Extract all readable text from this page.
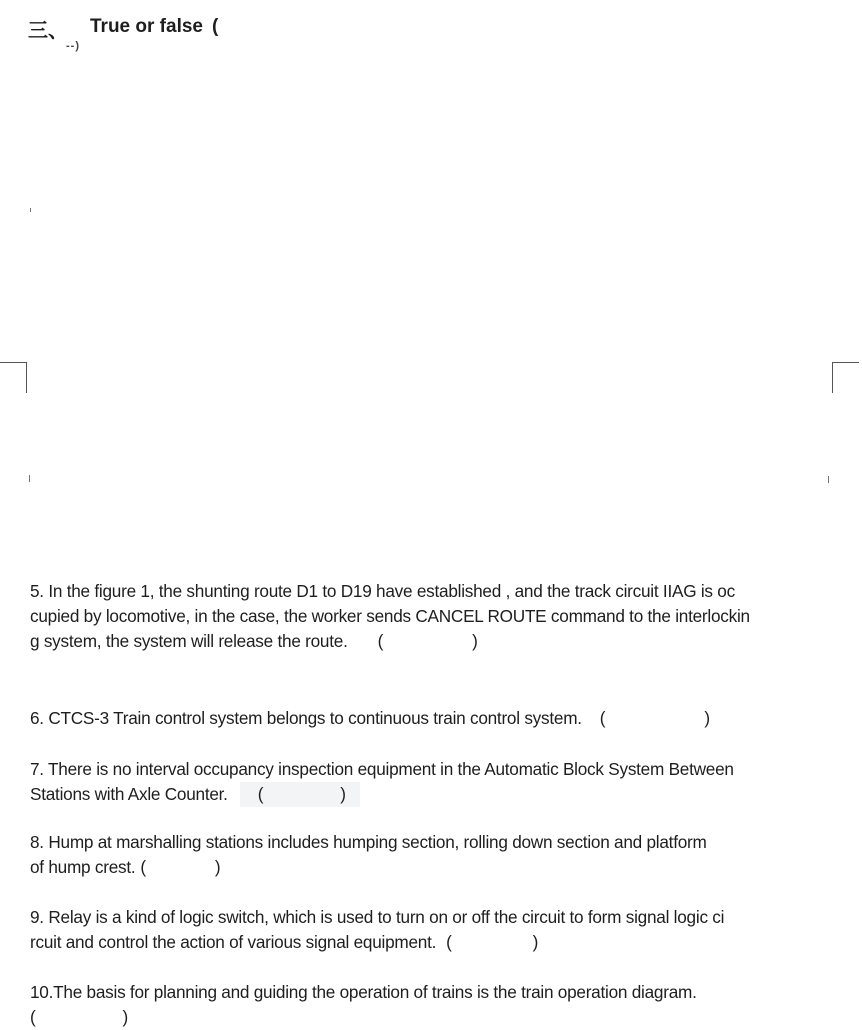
三、 True or false (
--)
5. In the figure 1, the shunting route D1 to D19 have established , and the track circuit IIAG is oc
cupied by locomotive, in the case, the worker sends CANCEL ROUTE command to the interlockin
g system, the system will release the route. (	)
6. CTCS-3 Train control system belongs to continuous train control system. (	)
7. There is no interval occupancy inspection equipment in the Automatic Block System Between
Stations with Axle Counter. (	)
8. Hump at marshalling stations includes humping section, rolling down section and platform
of hump crest. (	)
9. Relay is a kind of logic switch, which is used to turn on or off the circuit to form signal logic ci
rcuit and control the action of various signal equipment. (	)
10.The basis for planning and guiding the operation of trains is the train operation diagram.
(	)
